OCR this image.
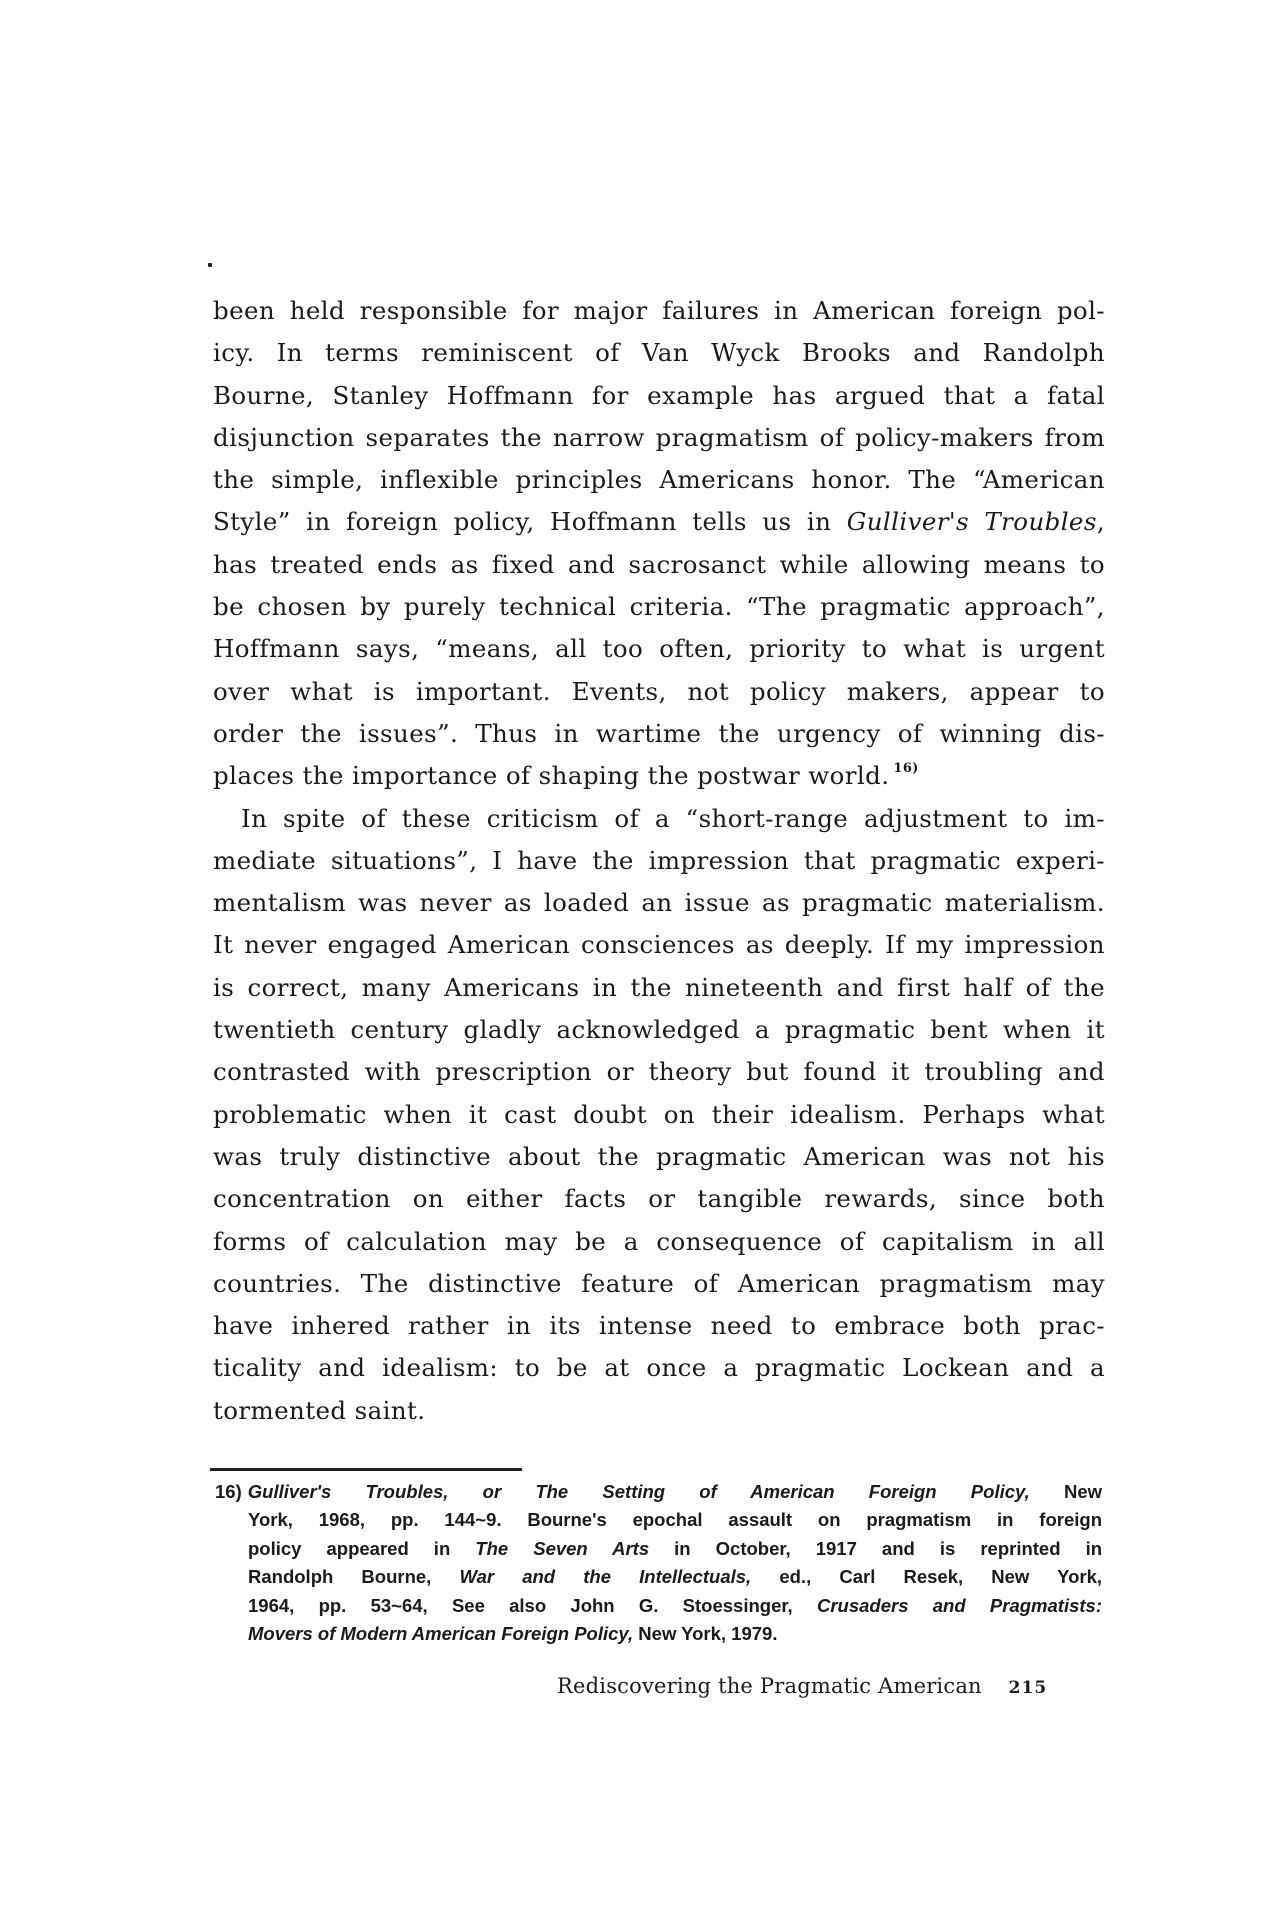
been held responsible for major failures in American foreign pol-
icy. In terms reminiscent of Van Wyck Brooks and Randolph
Bourne, Stanley Hoffmann for example has argued that a fatal
disjunction separates the narrow pragmatism of policy-makers from
the simple, inflexible principles Americans honor. The “American
Style” in foreign policy, Hoffmann tells us in Gulliver's Troubles,
has treated ends as fixed and sacrosanct while allowing means to
be chosen by purely technical criteria. “The pragmatic approach”,
Hoffmann says, “means, all too often, priority to what is urgent
over what is important. Events, not policy makers, appear to
order the issues”. Thus in wartime the urgency of winning dis-
places the importance of shaping the postwar world. $^{16)}$
In spite of these criticism of a “short-range adjustment to im-
mediate situations”, I have the impression that pragmatic experi-
mentalism was never as loaded an issue as pragmatic materialism.
It never engaged American consciences as deeply. If my impression
is correct, many Americans in the nineteenth and first half of the
twentieth century gladly acknowledged a pragmatic bent when it
contrasted with prescription or theory but found it troubling and
problematic when it cast doubt on their idealism. Perhaps what
was truly distinctive about the pragmatic American was not his
concentration on either facts or tangible rewards, since both
forms of calculation may be a consequence of capitalism in all
countries. The distinctive feature of American pragmatism may
have inhered rather in its intense need to embrace both prac-
ticality and idealism: to be at once a pragmatic Lockean and a
tormented saint.
16) Gulliver's Troubles, or The Setting of American Foreign Policy, New
York, 1968, pp. 144~9. Bourne's epochal assault on pragmatism in foreign
policy appeared in The Seven Arts in October, 1917 and is reprinted in
Randolph Bourne, War and the Intellectuals, ed., Carl Resek, New York,
1964, pp. 53~64, See also John G. Stoessinger, Crusaders and Pragmatists:
Movers of Modern American Foreign Policy, New York, 1979.
Rediscovering the Pragmatic American 215
